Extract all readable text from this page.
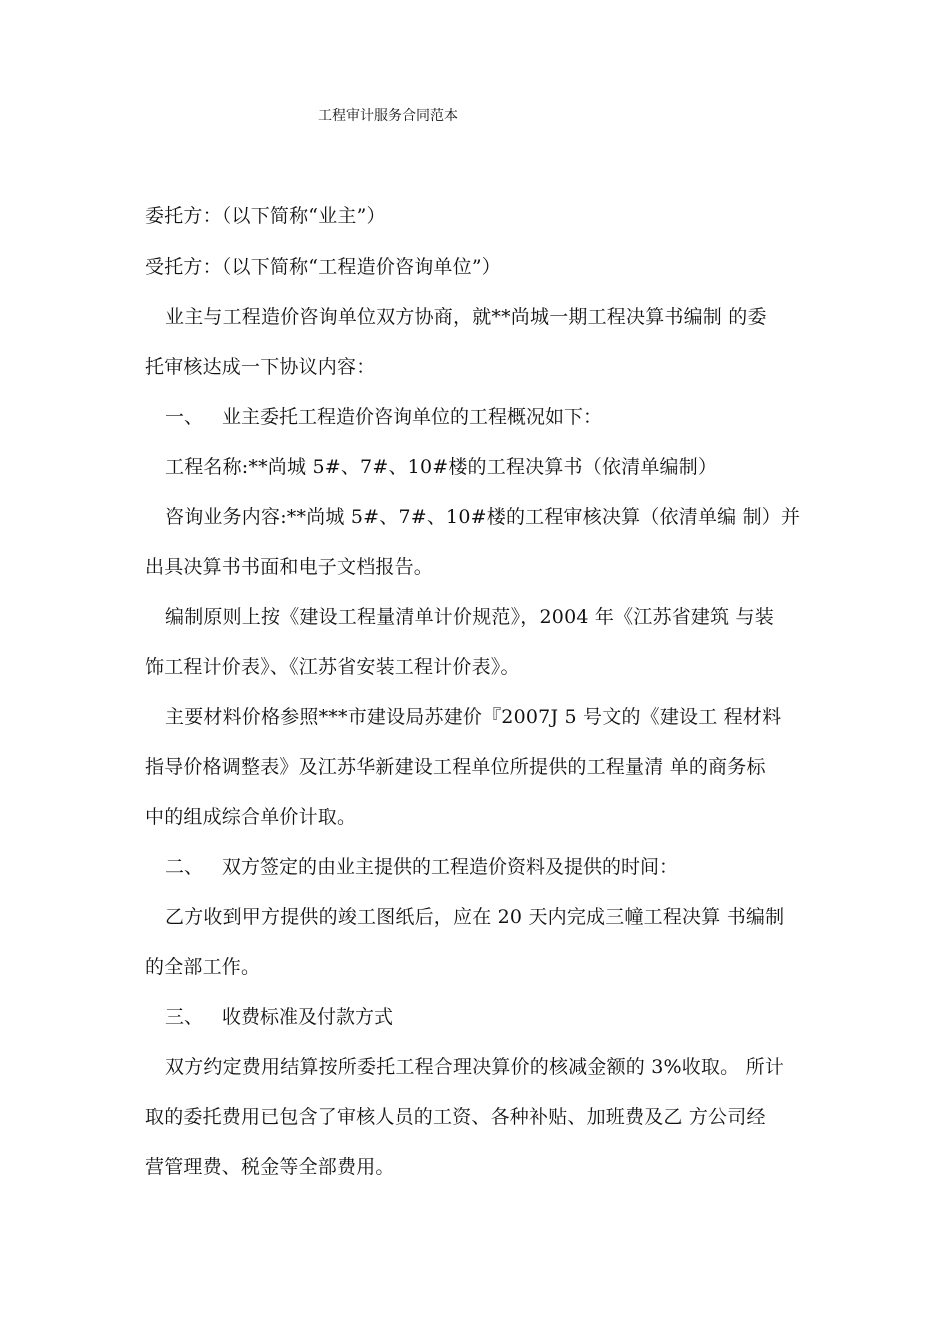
工程审计服务合同范本
委托方：（以下简称“业主”）
受托方：（以下简称“工程造价咨询单位”）
业主与工程造价咨询单位双方协商，就**尚城一期工程决算书编制 的委
托审核达成一下协议内容：
一、 业主委托工程造价咨询单位的工程概况如下：
工程名称:**尚城 5#、7#、10#楼的工程决算书（依清单编制）
咨询业务内容:**尚城 5#、7#、10#楼的工程审核决算（依清单编 制）并
出具决算书书面和电子文档报告。
编制原则上按《建设工程量清单计价规范》，2004 年《江苏省建筑 与装
饰工程计价表》、《江苏省安装工程计价表》。
主要材料价格参照***市建设局苏建价『2007J 5 号文的《建设工 程材料
指导价格调整表》及江苏华新建设工程单位所提供的工程量清 单的商务标
中的组成综合单价计取。
二、 双方签定的由业主提供的工程造价资料及提供的时间：
乙方收到甲方提供的竣工图纸后，应在 20 天内完成三幢工程决算 书编制
的全部工作。
三、 收费标准及付款方式
双方约定费用结算按所委托工程合理决算价的核减金额的 3%收取。 所计
取的委托费用已包含了审核人员的工资、各种补贴、加班费及乙 方公司经
营管理费、税金等全部费用。
